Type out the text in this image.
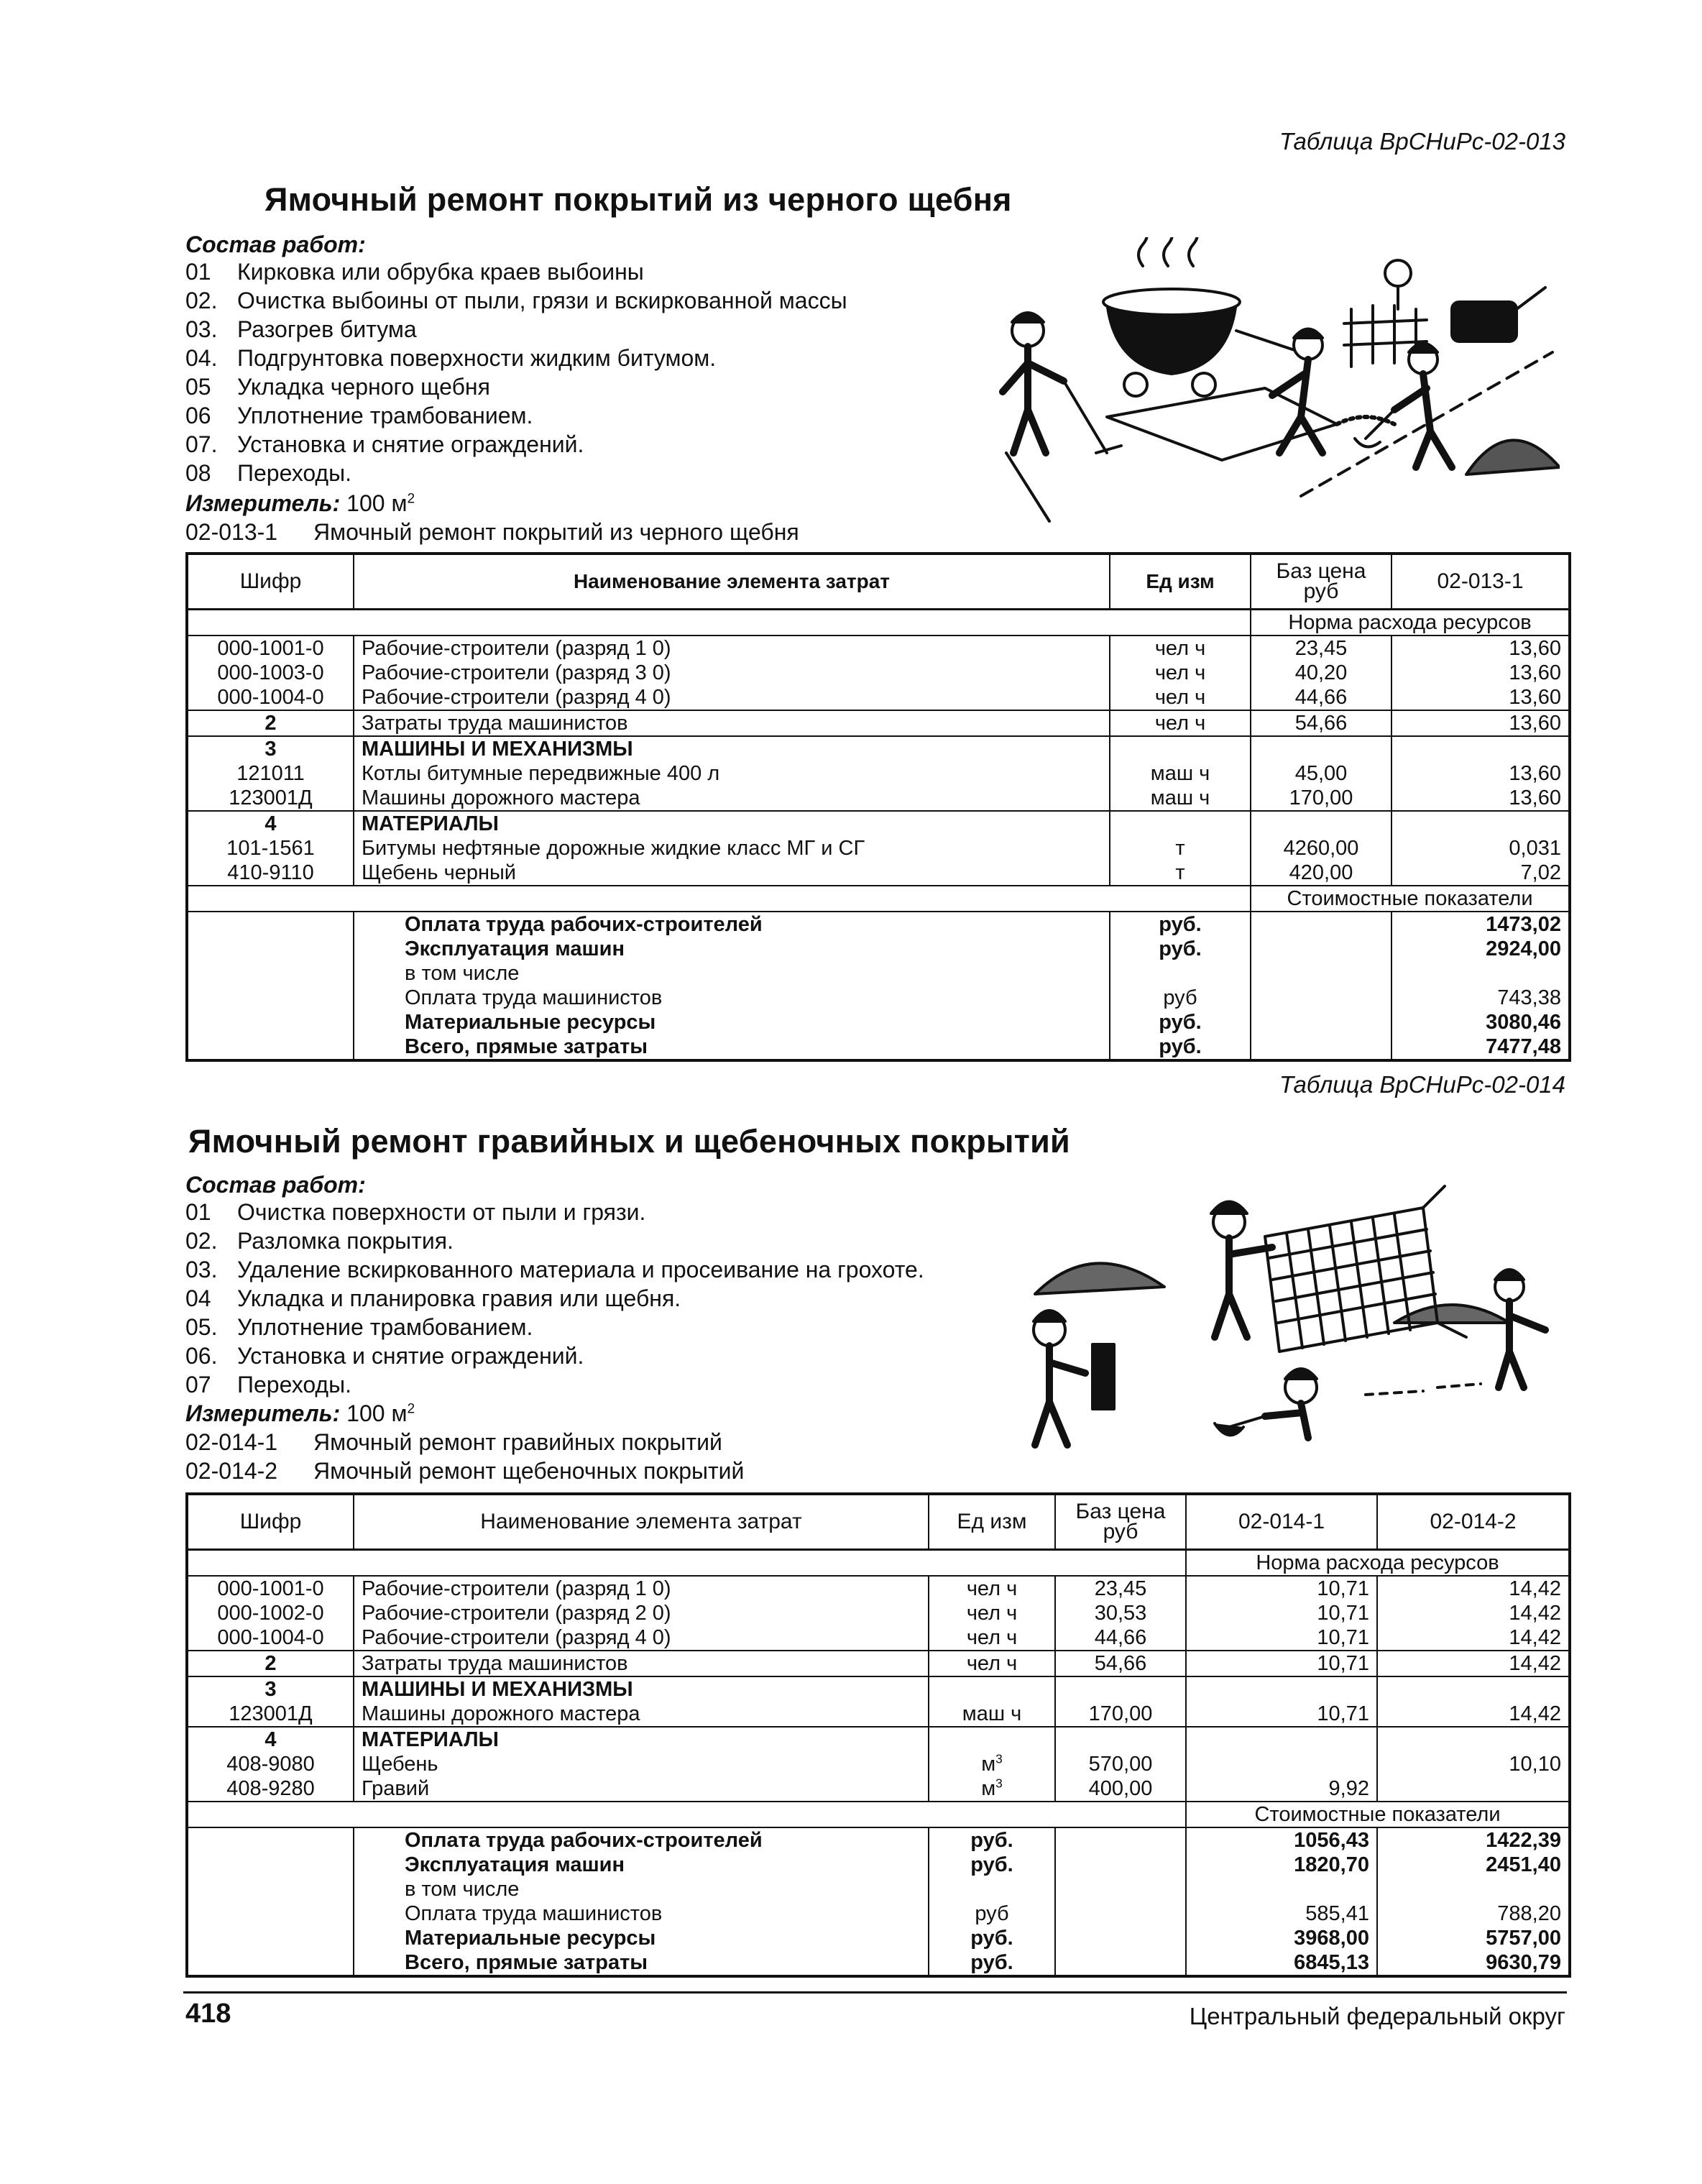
Таблица ВрСНиРс-02-013
Ямочный ремонт покрытий из черного щебня
Состав работ:
01 Кирковка или обрубка краев выбоины
02. Очистка выбоины от пыли, грязи и вскиркованной массы
03. Разогрев битума
04. Подгрунтовка поверхности жидким битумом.
05 Укладка черного щебня
06 Уплотнение трамбованием.
07. Установка и снятие ограждений.
08 Переходы.
Измеритель: 100 $м^2$
02-013-1 Ямочный ремонт покрытий из черного щебня
Шифр	Наименование элемента затрат	Ед изм	Баз цена руб	02-013-1
			Норма расхода ресурсов	
000-1001-0	Рабочие-строители (разряд 1 0)	чел ч	23,45	13,60
000-1003-0	Рабочие-строители (разряд 3 0)	чел ч	40,20	13,60
000-1004-0	Рабочие-строители (разряд 4 0)	чел ч	44,66	13,60
2	Затраты труда машинистов	чел ч	54,66	13,60
3	МАШИНЫ И МЕХАНИЗМЫ			
121011	Котлы битумные передвижные 400 л	маш ч	45,00	13,60
123001Д	Машины дорожного мастера	маш ч	170,00	13,60
4	МАТЕРИАЛЫ			
101-1561	Битумы нефтяные дорожные жидкие класс МГ и СГ	т	4260,00	0,031
410-9110	Щебень черный	т	420,00	7,02
			Стоимостные показатели	
	Оплата труда рабочих-строителей	руб.		1473,02
	Эксплуатация машин	руб.		2924,00
	в том числе			
	Оплата труда машинистов	руб		743,38
	Материальные ресурсы	руб.		3080,46
	Всего, прямые затраты	руб.		7477,48
Таблица ВрСНиРс-02-014
Ямочный ремонт гравийных и щебеночных покрытий
Состав работ:
01 Очистка поверхности от пыли и грязи.
02. Разломка покрытия.
03. Удаление вскиркованного материала и просеивание на грохоте.
04 Укладка и планировка гравия или щебня.
05. Уплотнение трамбованием.
06. Установка и снятие ограждений.
07 Переходы.
Измеритель: 100 $м^2$
02-014-1 Ямочный ремонт гравийных покрытий
02-014-2 Ямочный ремонт щебеночных покрытий
Шифр	Наименование элемента затрат	Ед изм	Баз цена руб	02-014-1	02-014-2
				Норма расхода ресурсов	
000-1001-0	Рабочие-строители (разряд 1 0)	чел ч	23,45	10,71	14,42
000-1002-0	Рабочие-строители (разряд 2 0)	чел ч	30,53	10,71	14,42
000-1004-0	Рабочие-строители (разряд 4 0)	чел ч	44,66	10,71	14,42
2	Затраты труда машинистов	чел ч	54,66	10,71	14,42
3	МАШИНЫ И МЕХАНИЗМЫ				
123001Д	Машины дорожного мастера	маш ч	170,00	10,71	14,42
4	МАТЕРИАЛЫ				
408-9080	Щебень	$м^3$	570,00		10,10
408-9280	Гравий	$м^3$	400,00	9,92	
				Стоимостные показатели	
	Оплата труда рабочих-строителей	руб.		1056,43	1422,39
	Эксплуатация машин	руб.		1820,70	2451,40
	в том числе				
	Оплата труда машинистов	руб		585,41	788,20
	Материальные ресурсы	руб.		3968,00	5757,00
	Всего, прямые затраты	руб.		6845,13	9630,79
418	Центральный федеральный округ
